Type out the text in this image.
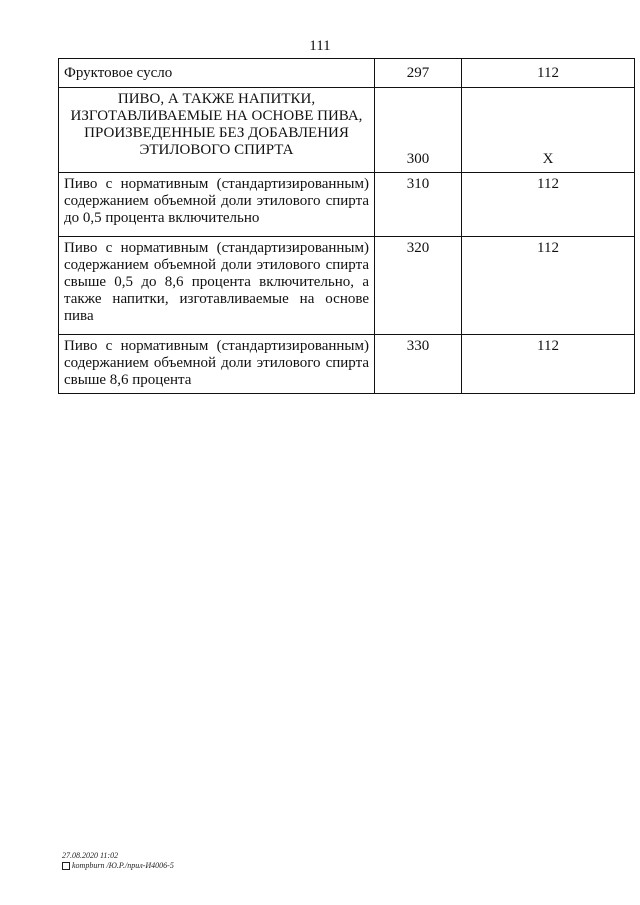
111
Фруктовое сусло	297	112
ПИВО, А ТАКЖЕ НАПИТКИ, ИЗГОТАВЛИВАЕМЫЕ НА ОСНОВЕ ПИВА, ПРОИЗВЕДЕННЫЕ БЕЗ ДОБАВЛЕНИЯ ЭТИЛОВОГО СПИРТА	300	X
Пиво с нормативным (стандартизированным) содержанием объемной доли этилового спирта до 0,5 процента включительно	310	112
Пиво с нормативным (стандартизированным) содержанием объемной доли этилового спирта свыше 0,5 до 8,6 процента включительно, а также напитки, изготавливаемые на основе пива	320	112
Пиво с нормативным (стандартизированным) содержанием объемной доли этилового спирта свыше 8,6 процента	330	112
27.08.2020 11:02
kompburn /Ю.Р./прил-И4006-5
